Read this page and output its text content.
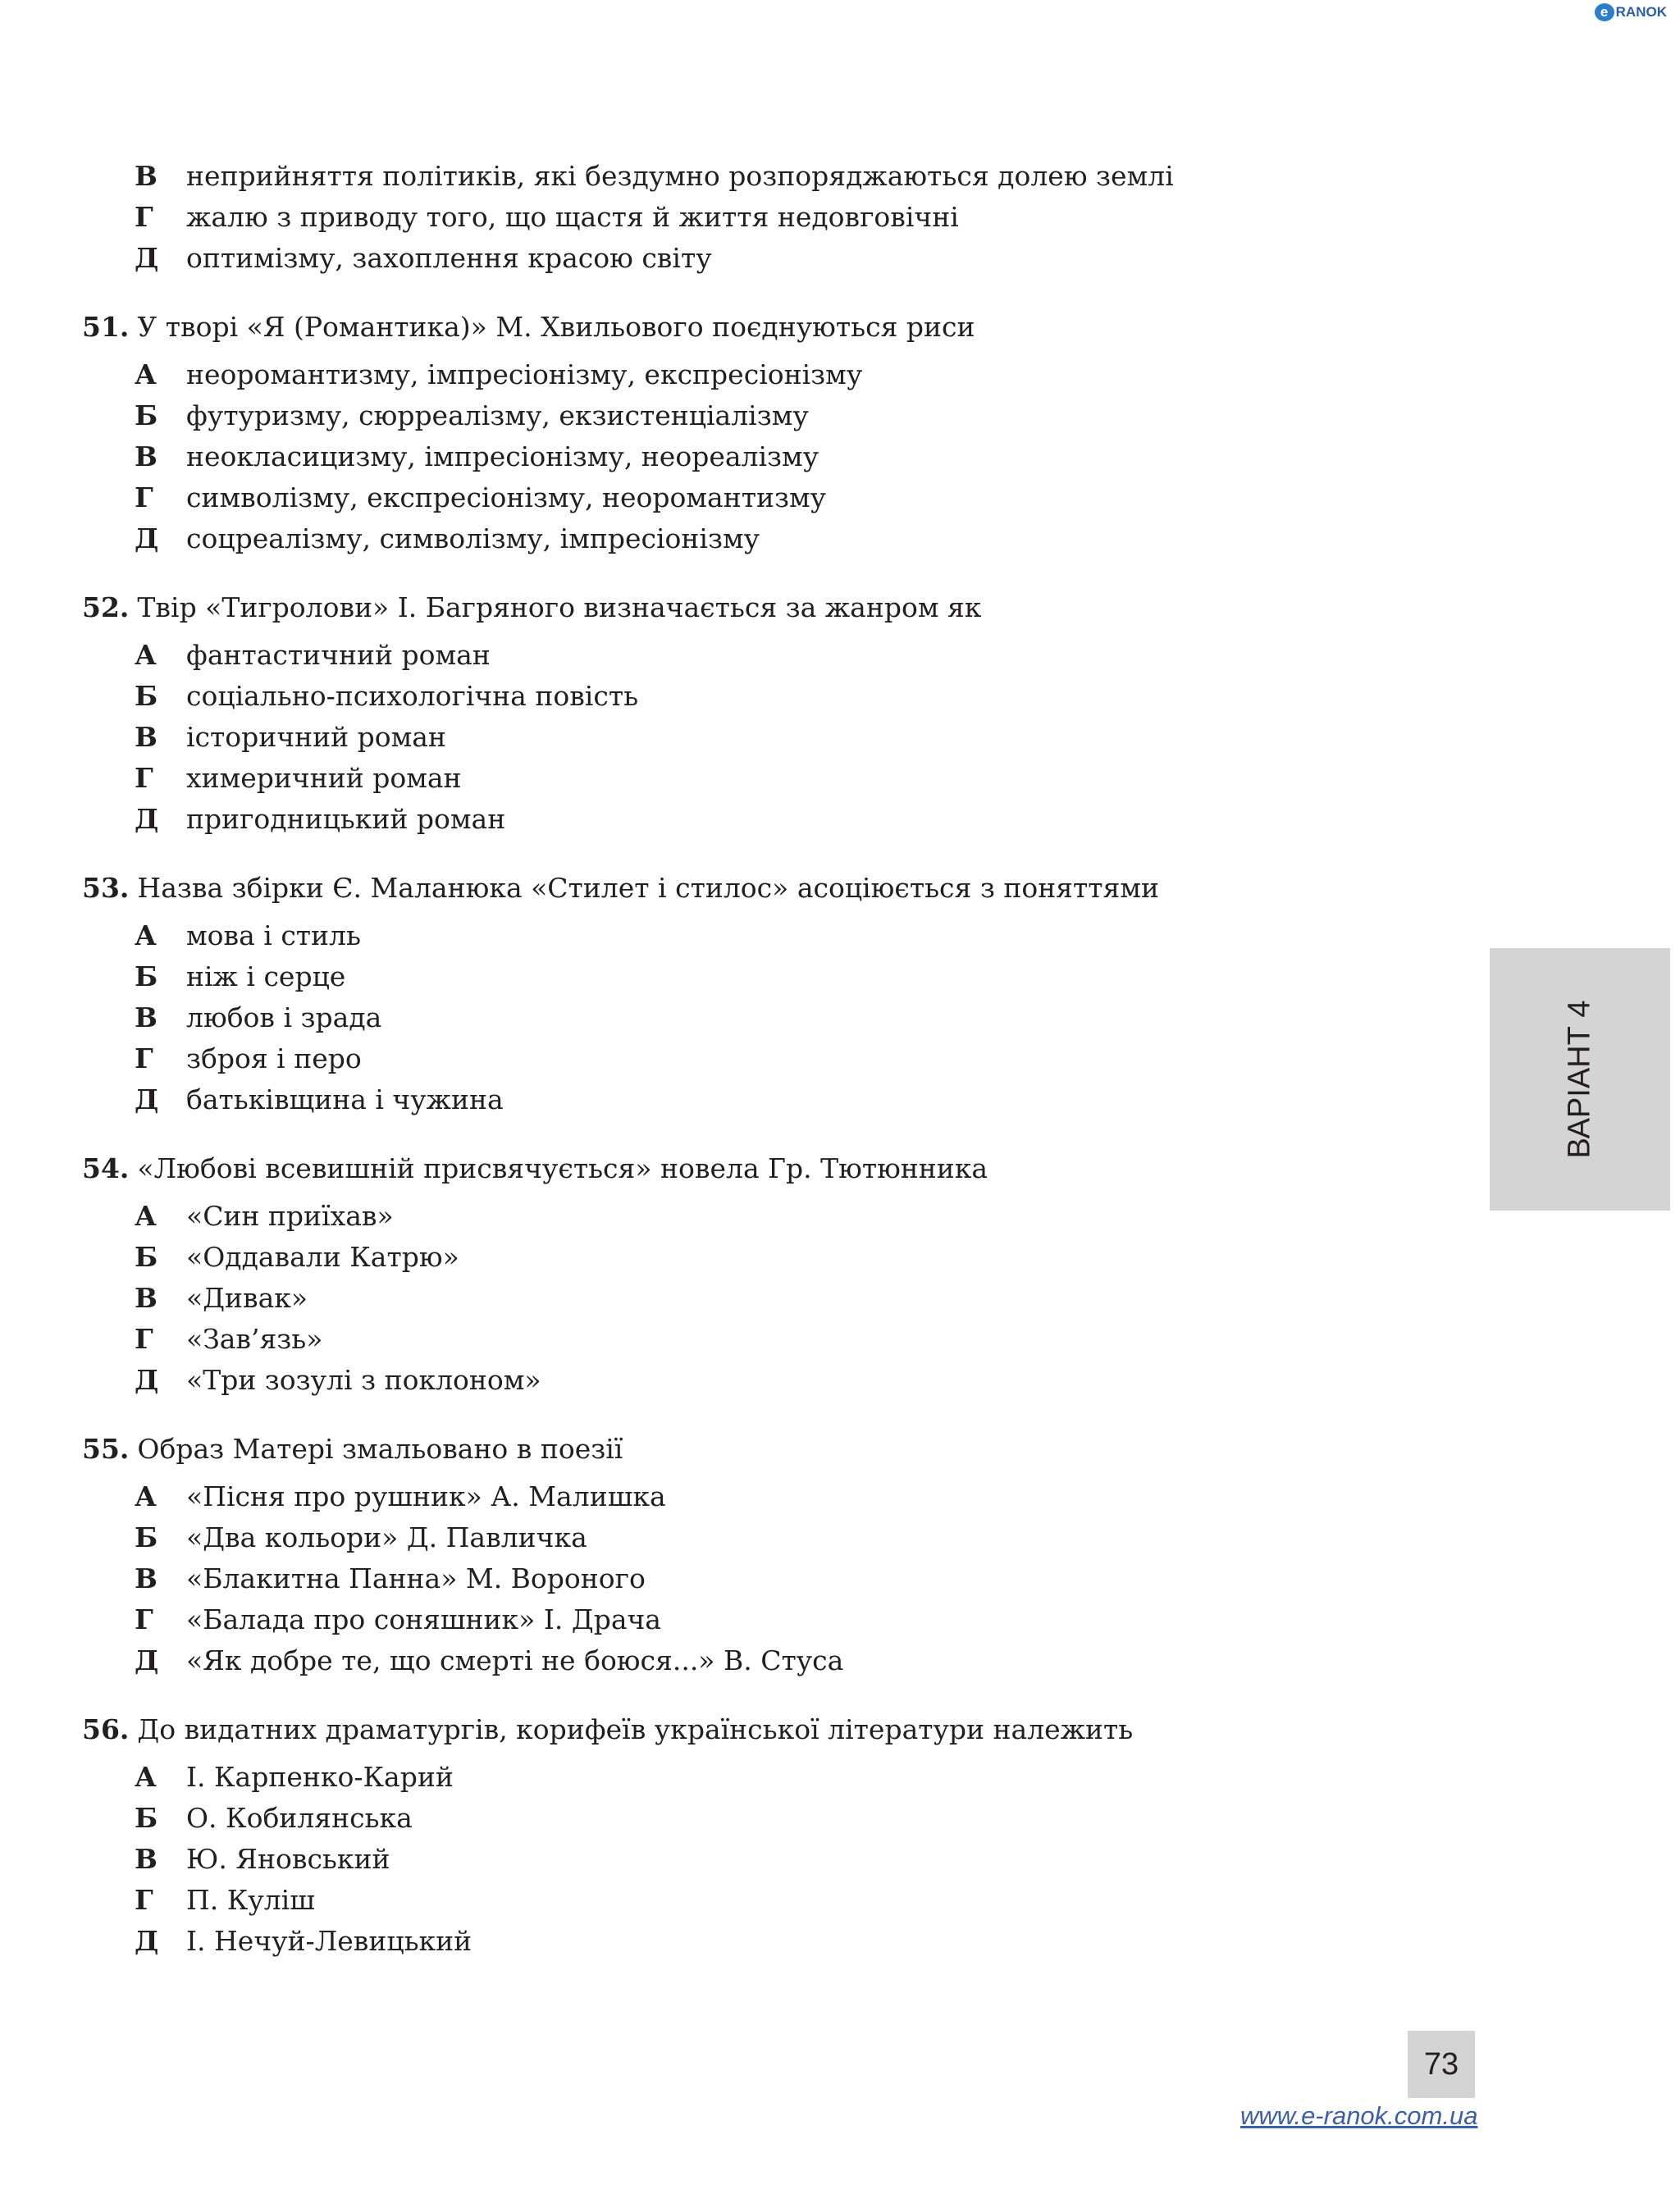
e RANOK
В	неприйняття політиків, які бездумно розпоряджаються долею землі
Г	жалю з приводу того, що щастя й життя недовговічні
Д	оптимізму, захоплення красою світу
51. У творі «Я (Романтика)» М. Хвильового поєднуються риси
А	неоромантизму, імпресіонізму, експресіонізму
Б	футуризму, сюрреалізму, екзистенціалізму
В	неокласицизму, імпресіонізму, неореалізму
Г	символізму, експресіонізму, неоромантизму
Д	соцреалізму, символізму, імпресіонізму
52. Твір «Тигролови» І. Багряного визначається за жанром як
А	фантастичний роман
Б	соціально-психологічна повість
В	історичний роман
Г	химеричний роман
Д	пригодницький роман
53. Назва збірки Є. Маланюка «Стилет і стилос» асоціюється з поняттями
А	мова і стиль
Б	ніж і серце
В	любов і зрада
Г	зброя і перо
Д	батьківщина і чужина
54. «Любові всевишній присвячується» новела Гр. Тютюнника
А	«Син приїхав»
Б	«Оддавали Катрю»
В	«Дивак»
Г	«Зав’язь»
Д	«Три зозулі з поклоном»
55. Образ Матері змальовано в поезії
А	«Пісня про рушник» А. Малишка
Б	«Два кольори» Д. Павличка
В	«Блакитна Панна» М. Вороного
Г	«Балада про соняшник» І. Драча
Д	«Як добре те, що смерті не боюся...» В. Стуса
56. До видатних драматургів, корифеїв української літератури належить
А	І. Карпенко-Карий
Б	О. Кобилянська
В	Ю. Яновський
Г	П. Куліш
Д	І. Нечуй-Левицький
ВАРІАНТ 4
73
www.e-ranok.com.ua
